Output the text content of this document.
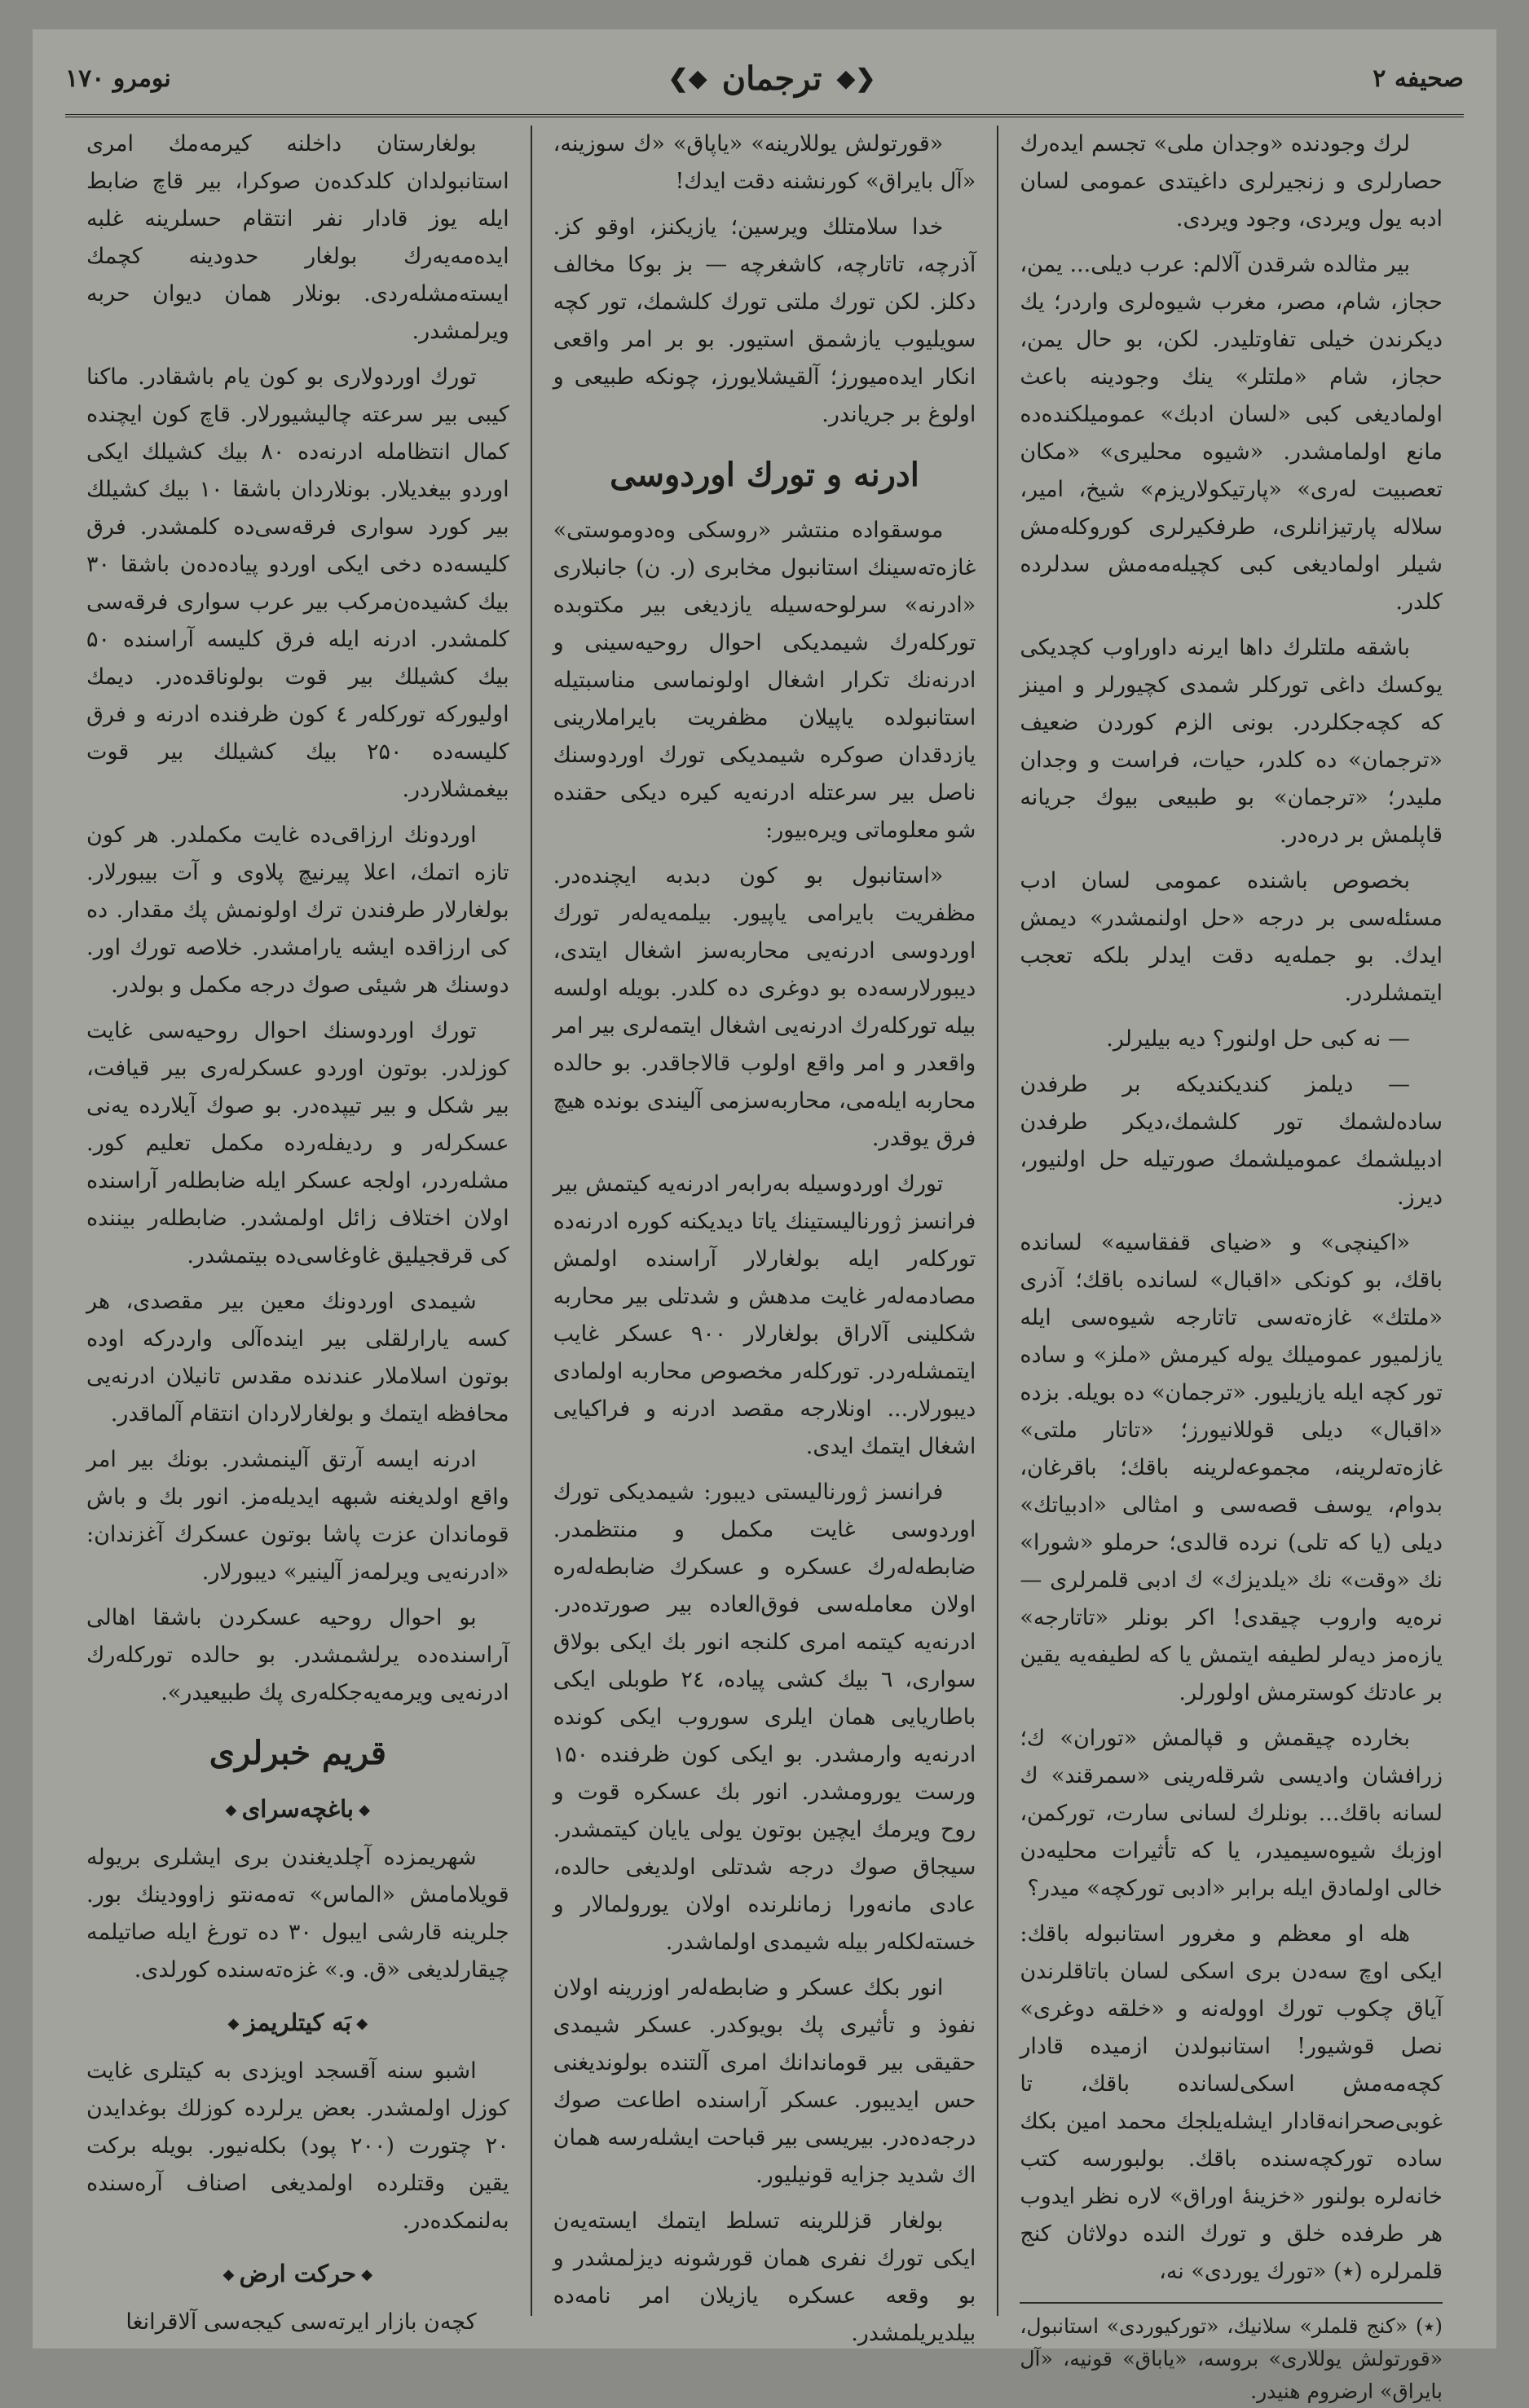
صحیفه ۲
❮◆
ترجمان
◆❯
نومرو ۱۷۰

لرك وجودنده «وجدان ملی» تجسم ایدەرك حصارلری و زنجیرلری داغیتدی عمومی لسان ادبه یول ویردی، وجود ویردی.

بیر مثالده شرقدن آلالم: عرب دیلی... یمن، حجاز، شام، مصر، مغرب شیوەلری واردر؛ یك دیکرندن خیلی تفاوتلیدر. لکن، بو حال یمن، حجاز، شام «ملتلر» ینك وجودینه باعث اولمادیغی کبی «لسان ادبك» عمومیلکنده‌ده مانع اولمامشدر. «شیوه محلیری» «مکان تعصبیت لەری» «پارتیکولاریزم» شیخ، امیر، سلاله پارتیزانلری، طرفکیرلری کوروکلەمش شیلر اولمادیغی کبی کچیلەمەمش سدلرده کلدر.

باشقه ملتلرك داها ایرنه داوراوب کچدیکی یوکسك داغی تورکلر شمدی کچیورلر و امینز که کچەجکلردر. بونی الزم کوردن ضعیف «ترجمان» ده کلدر، حیات، فراست و وجدان ملیدر؛ «ترجمان» بو طبیعی بیوك جریانه قاپلمش بر درەدر.

بخصوص باشنده عمومی لسان ادب مسئلەسی بر درجه «حل اولنمشدر» دیمش ایدك. بو جمله‌یه دقت ایدلر بلکه تعجب ایتمشلردر.

— نه کبی حل اولنور؟ دیه بیلیرلر.

— دیلمز کندیکندیکه بر طرفدن سادەلشمك تور کلشمك،دیکر طرفدن ادبیلشمك عمومیلشمك صورتیله حل اولنیور، دیرز.

«اکینچی» و «ضیای قفقاسیه» لسانده باقك، بو کونکی «اقبال» لسانده باقك؛ آذری «ملتك» غازەتەسی تاتارجه شیوەسی ایله یازلمیور عمومیلك یوله کیرمش «ملز» و ساده تور کچه ایله یازیلیور. «ترجمان» ده بویله. بزده «اقبال» دیلی قوللانیورز؛ «تاتار ملتی» غازەتەلرینه، مجموعەلرینه باقك؛ باقرغان، بدوام، یوسف قصه‌سی و امثالی «ادبیاتك» دیلی (یا که تلی) نرده قالدی؛ حرملو «شورا» نك «وقت» نك «یلدیزك» ك ادبی قلمرلری — نره‌یه واروب چیقدی! اکر بونلر «تاتارجه» یازەمز دیه‌لر لطیفه ایتمش یا که لطیفه‌یه یقین بر عادتك کوسترمش اولورلر.

بخارده چیقمش و قپالمش «توران» ك؛ زرافشان وادیسی شرقلەرینی «سمرقند» ك لسانه باقك... بونلرك لسانی سارت، تورکمن، اوزبك شیوەسیمیدر، یا که تأثیرات محلیه‌دن خالی اولمادق ایله برابر «ادبی تورکچه» میدر؟

هله او معظم و مغرور استانبوله باقك: ایکی اوچ سەدن بری اسکی لسان باتاقلرندن آیاق چکوب تورك اوولەنه و «خلقه دوغری» نصل قوشیور! استانبولدن ازمیده قادار کچەمەمش اسکی‌لسانده باقك، تا غوبی‌صحرا‌نه‌قادار ایشلەیلجك محمد امین بکك ساده تورکچەسنده باقك. بولبورسه کتب خانه‌لره بولنور «خزینهٔ اوراق» لاره نظر ایدوب هر طرفده خلق و تورك النده دولاثان کنج قلمرلره (٭) «تورك یوردی» نه،

(٭) «کنج قلملر» سلانیك، «تورکیوردی» استانبول، «قورتولش یوللاری» بروسه، «یاباق» قونیه، «آل بایراق» ارضروم هنیدر.

«قورتولش یوللارینه» «یاپاق» «ك سوزینه، «آل بایراق» کورنشنه دقت ایدك!

خدا سلامتلك ویرسین؛ یازیکنز، اوقو کز. آذرچه، تاتارچه، کاشغرچه — بز بوکا مخالف دکلز. لکن تورك ملتی تورك کلشمك، تور کچه سویلیوب یازشمق استیور. بو بر امر واقعی انکار ایدەمیورز؛ آلقیشلایورز، چونکه طبیعی و اولوغ بر جریاندر.

ادرنه و تورك اوردوسی

موسقواده منتشر «روسکی وه‌دوموستی» غازەتەسینك استانبول مخابری (ر. ن) جانبلاری «ادرنه» سرلوحەسیله یازدیغی بیر مکتوبده تورکلەرك شیمدیکی احوال روحیەسینی و ادرنەنك تکرار اشغال اولونماسی مناسبتیله استانبولده یاپیلان مظفریت بایراملارینی یازدقدان صوکره شیمدیکی تورك اوردوسنك ناصل بیر سرعتله ادرنه‌یه کیره دیکی حقنده شو معلوماتی ویرەبیور:

«استانبول بو کون دبدبه ایچنده‌در. مظفریت بایرامی یاپیور. بیلمەیەلەر تورك اوردوسی ادرنه‌یی محاربەسز اشغال ایتدی، دیبورلارسەده بو دوغری ده کلدر. بویله اولسه بیله تورکلەرك ادرنه‌یی اشغال ایتمەلری بیر امر واقعدر و امر واقع اولوب قالاجاقدر. بو حالده محاربه ایلەمی، محاربەسزمی آلیندی بونده هیچ فرق یوقدر.

تورك اوردوسیله بەرابەر ادرنه‌یه کیتمش بیر فرانسز ژورنالیستینك یاتا دیدیکنه کوره ادرنه‌ده تورکلەر ایله بولغارلار آراسنده اولمش مصادمەلەر غایت مدهش و شدتلی بیر محاربه شکلینی آلاراق بولغارلار ۹۰۰ عسکر غایب ایتمشلەردر. تورکلەر مخصوص محاربه اولمادی دیبورلار... اونلارجه مقصد ادرنه و فراکیایی اشغال ایتمك ایدی.

فرانسز ژورنالیستی دیبور: شیمدیکی تورك اوردوسی غایت مکمل و منتظمدر. ضابطەلەرك عسکره و عسکرك ضابطەلەره اولان معاملەسی فوق‌العاده بیر صورتده‌در. ادرنه‌یه کیتمه امری کلنجه انور بك ایکی بولاق سواری، ٦ بیك کشی پیاده، ۲٤ طوبلی ایکی باطاریایی همان ایلری سوروب ایکی کونده ادرنه‌یه وارمشدر. بو ایکی کون ظرفنده ۱۵۰ ورست یورومشدر. انور بك عسکره قوت و روح ویرمك ایچین بوتون یولی یایان کیتمشدر. سیجاق صوك درجه شدتلی اولدیغی حالده، عادی مانەورا زمانلرنده اولان یورولمالار و خستەلكلەر بیله شیمدی اولماشدر.

انور بکك عسکر و ضابطەلەر اوزرینه اولان نفوذ و تأثیری پك بویوکدر. عسکر شیمدی حقیقی بیر قوماندانك امری آلتنده بولوندیغنی حس ایدیبور. عسکر آراسنده اطاعت صوك درجه‌ده‌در. بیریسی بیر قباحت ایشلەرسه همان اك شدید جزایه قونیلیور.

بولغار قزللرینه تسلط ایتمك ایستەیەن ایکی تورك نفری همان قورشونه دیزلمشدر و بو وقعه عسکره یازیلان امر نامەده بیلدیریلمشدر.

بولغارستان داخلنه کیرمەمك امری استانبولدان کلدکدەن صوکرا، بیر قاچ ضابط ایله یوز قادار نفر انتقام حسلرینه غلبه ایدەمەیەرك بولغار حدودینه کچمك ایستەمشلەردی. بونلار همان دیوان حربه ویرلمشدر.

تورك اوردولاری بو کون یام باشقادر. ماکنا کیبی بیر سرعته چالیشیورلار. قاچ کون ایچنده کمال انتظامله ادرنه‌ده ۸۰ بیك کشیلك ایکی اوردو بیغدیلار. بونلاردان باشقا ۱۰ بیك کشیلك بیر کورد سواری فرقەسی‌ده کلمشدر. فرق کلیسه‌ده دخی ایکی اوردو پیاده‌دەن باشقا ۳۰ بیك کشیدەن‌مرکب بیر عرب سواری فرقەسی کلمشدر. ادرنه ایله فرق کلیسه آراسنده ۵۰ بیك کشیلك بیر قوت بولوناقده‌در. دیمك اولیورکه تورکلەر ٤ کون ظرفنده ادرنه و فرق کلیسه‌ده ۲۵۰ بیك کشیلك بیر قوت بیغمشلاردر.

اوردونك ارزاقی‌ده غایت مکملدر. هر کون تازه اتمك، اعلا پیرنیچ پلاوی و آت بیبورلار. بولغارلار طرفندن ترك اولونمش پك مقدار. ده کی ارزاقده ایشه یارامشدر. خلاصه تورك اور. دوسنك هر شیئی صوك درجه مکمل و بولدر.

تورك اوردوسنك احوال روحیەسی غایت کوزلدر. بوتون اوردو عسکرلەری بیر قیافت، بیر شکل و بیر تیپده‌در. بو صوك آیلارده یەنی عسکرلەر و ردیفلەرده مکمل تعلیم کور. مشلەردر، اولجه عسکر ایله ضابطلەر آراسنده اولان اختلاف زائل اولمشدر. ضابطلەر بیننده کی قرقجیلیق غاوغاسی‌ده بیتمشدر.

شیمدی اوردونك معین بیر مقصدی، هر کسه یارارلقلی بیر ایندەآلی واردرکه اوده بوتون اسلاملار عندنده مقدس تانیلان ادرنه‌یی محافظه ایتمك و بولغارلاردان انتقام آلماقدر.

ادرنه ایسه آرتق آلینمشدر. بونك بیر امر واقع اولدیغنه شبهه ایدیلەمز. انور بك و باش قوماندان عزت پاشا بوتون عسکرك آغزندان: «ادرنه‌یی ویرلمەز آلینیر» دیبورلار.

بو احوال روحیه عسکردن باشقا اهالی آراسنده‌ده یرلشمشدر. بو حالده تورکلەرك ادرنه‌یی ویرمەیەجکلەری پك طبیعیدر».

قریم خبرلری
◆ باغچەسرای ◆

شهریمزده آچلدیغندن بری ایشلری بریوله قویلامامش «الماس» تەمەنتو زاوودینك بور. جلرینه قارشی ایبول ۳۰ ده تورغ ایله صاتیلمه چیقارلدیغی «ق. و.» غزەتەسنده کورلدی.

◆ بَه کیتلریمز ◆

اشبو سنه آقسجد اویزدی به کیتلری غایت کوزل اولمشدر. بعض یرلرده کوزلك بوغدایدن ۲۰ چتورت (۲۰۰ پود) بکلەنیور. بویله برکت یقین وقتلرده اولمدیغی اصناف آرەسنده بەلنمکده‌در.

◆ حرکت ارض ◆

کچەن بازار ایرتەسی کیجەسی آلاقرانغا
